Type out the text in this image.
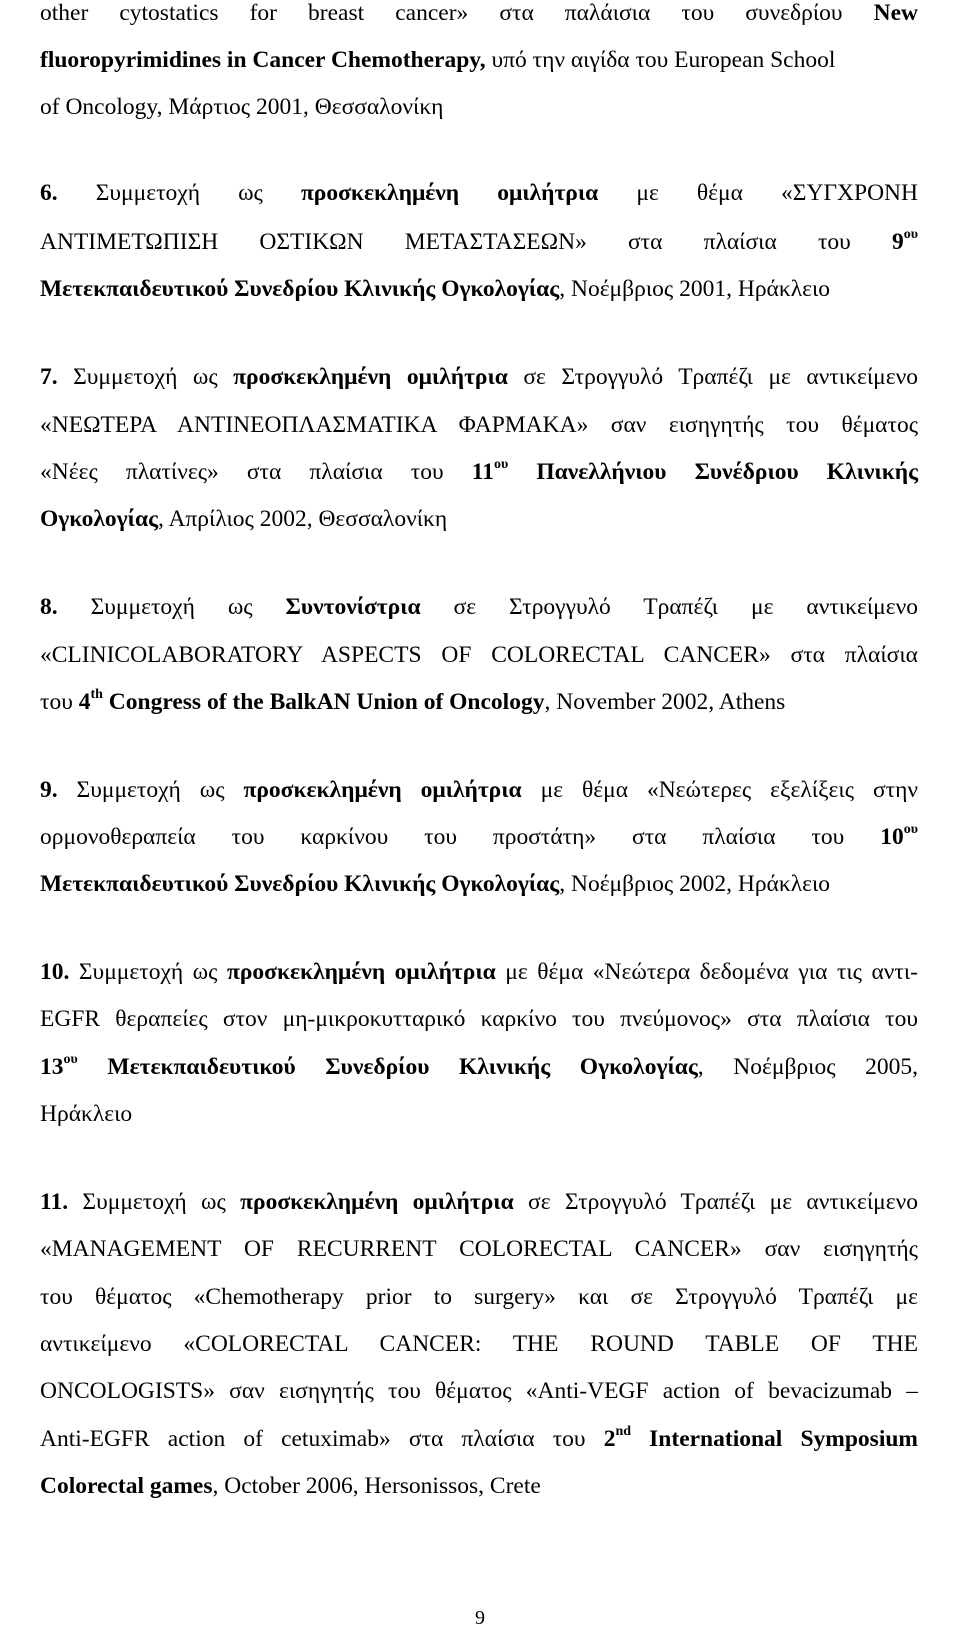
other cytostatics for breast cancer» στα παλάισια του συνεδρίου New
fluoropyrimidines in Cancer Chemotherapy, υπό την αιγίδα του European School
of Oncology, Μάρτιος 2001, Θεσσαλονίκη
6. Συμμετοχή ως προσκεκλημένη ομιλήτρια με θέμα «ΣΥΓΧΡΟΝΗ
ΑΝΤΙΜΕΤΩΠΙΣΗ ΟΣΤΙΚΩΝ ΜΕΤΑΣΤΑΣΕΩΝ» στα πλαίσια του $9^{o\upsilon}$
Μετεκπαιδευτικού Συνεδρίου Κλινικής Ογκολογίας, Νοέμβριος 2001, Ηράκλειο
7. Συμμετοχή ως προσκεκλημένη ομιλήτρια σε Στρογγυλό Τραπέζι με αντικείμενο
«ΝΕΩΤΕΡΑ ΑΝΤΙΝΕΟΠΛΑΣΜΑΤΙΚΑ ΦΑΡΜΑΚΑ» σαν εισηγητής του θέματος
«Νέες πλατίνες» στα πλαίσια του $11^{o\upsilon}$ Πανελλήνιου Συνέδριου Κλινικής
Ογκολογίας, Απρίλιος 2002, Θεσσαλονίκη
8. Συμμετοχή ως Συντονίστρια σε Στρογγυλό Τραπέζι με αντικείμενο
«CLINICOLABORATORY ASPECTS OF COLORECTAL CANCER» στα πλαίσια
του 4th Congress of the BalkAN Union of Oncology, November 2002, Athens
9. Συμμετοχή ως προσκεκλημένη ομιλήτρια με θέμα «Νεώτερες εξελίξεις στην
ορμονοθεραπεία του καρκίνου του προστάτη» στα πλαίσια του $10^{o\upsilon}$
Μετεκπαιδευτικού Συνεδρίου Κλινικής Ογκολογίας, Νοέμβριος 2002, Ηράκλειο
10. Συμμετοχή ως προσκεκλημένη ομιλήτρια με θέμα «Νεώτερα δεδομένα για τις αντι-
EGFR θεραπείες στον μη-μικροκυτταρικό καρκίνο του πνεύμονος» στα πλαίσια του
$13^{o\upsilon}$ Μετεκπαιδευτικού Συνεδρίου Κλινικής Ογκολογίας, Νοέμβριος 2005,
Ηράκλειο
11. Συμμετοχή ως προσκεκλημένη ομιλήτρια σε Στρογγυλό Τραπέζι με αντικείμενο
«MANAGEMENT OF RECURRENT COLORECTAL CANCER» σαν εισηγητής
του θέματος «Chemotherapy prior to surgery» και σε Στρογγυλό Τραπέζι με
αντικείμενο «COLORECTAL CANCER: THE ROUND TABLE OF THE
ONCOLOGISTS» σαν εισηγητής του θέματος «Anti-VEGF action of bevacizumab –
Anti-EGFR action of cetuximab» στα πλαίσια του 2nd International Symposium
Colorectal games, October 2006, Hersonissos, Crete
9
